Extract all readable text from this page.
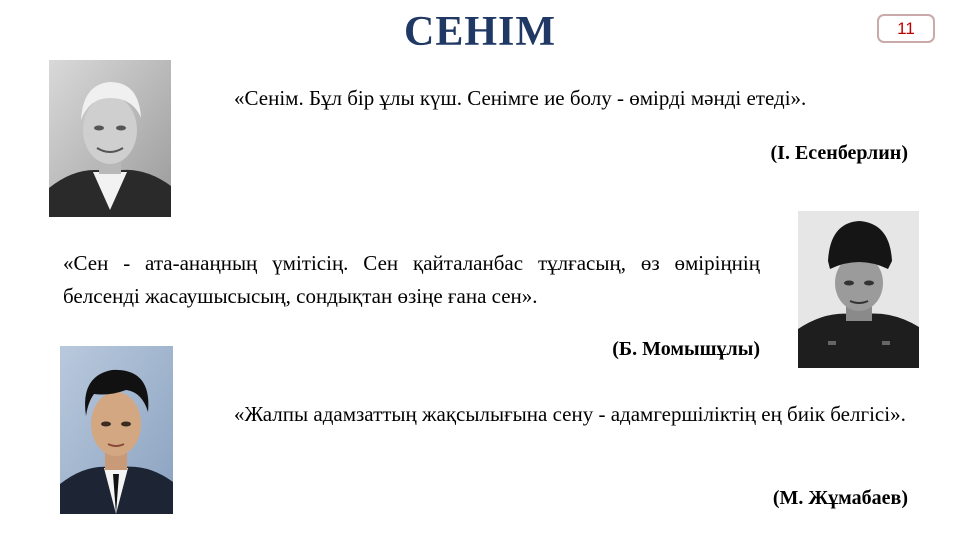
СЕНІМ	11
«Сенім. Бұл бір ұлы күш. Сенімге ие болу - өмірді мәнді етеді».
(І. Есенберлин)
«Сен - ата-анаңның үмітісің. Сен қайталанбас тұлғасың, өз өміріңнің белсенді жасаушысысың, сондықтан өзіңе ғана сен».
(Б. Момышұлы)
«Жалпы адамзаттың жақсылығына сену - адамгершіліктің ең биік белгісі».
(М. Жұмабаев)
